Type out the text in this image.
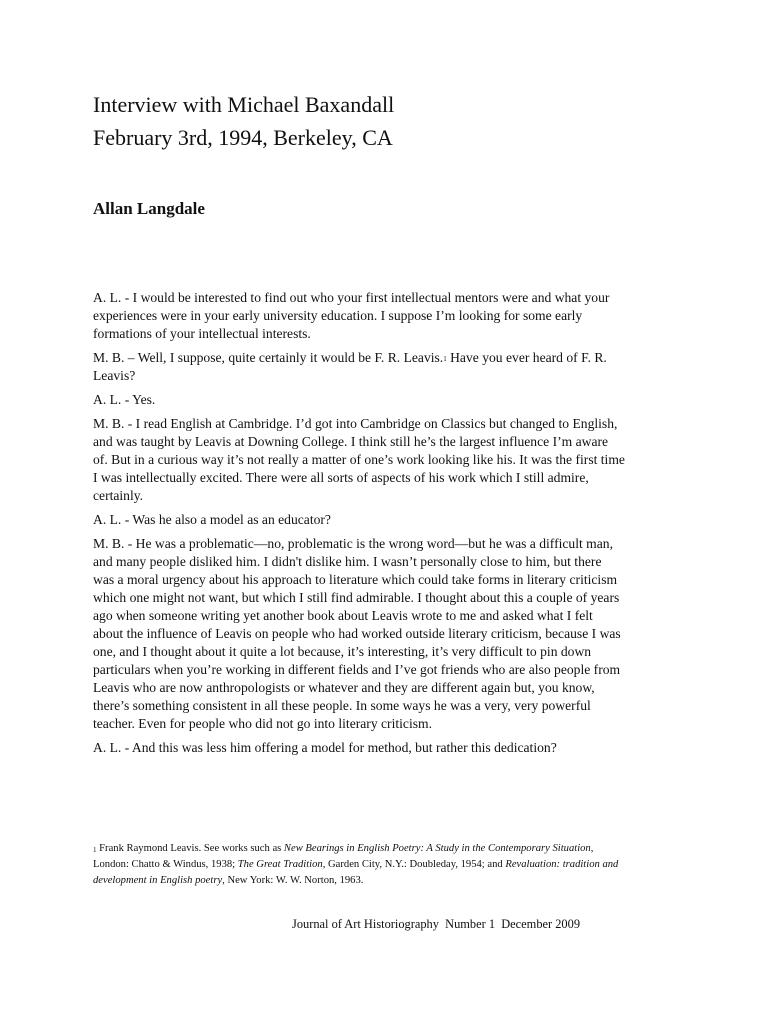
Interview with Michael Baxandall
February 3rd, 1994, Berkeley, CA

Allan Langdale

A. L. - I would be interested to find out who your first intellectual mentors were and what your experiences were in your early university education. I suppose I’m looking for some early formations of your intellectual interests.

M. B. – Well, I suppose, quite certainly it would be F. R. Leavis.$^1$ Have you ever heard of F. R. Leavis?

A. L. - Yes.

M. B. - I read English at Cambridge. I’d got into Cambridge on Classics but changed to English, and was taught by Leavis at Downing College. I think still he’s the largest influence I’m aware of. But in a curious way it’s not really a matter of one’s work looking like his. It was the first time I was intellectually excited. There were all sorts of aspects of his work which I still admire, certainly.

A. L. - Was he also a model as an educator?

M. B. - He was a problematic—no, problematic is the wrong word—but he was a difficult man, and many people disliked him. I didn't dislike him. I wasn’t personally close to him, but there was a moral urgency about his approach to literature which could take forms in literary criticism which one might not want, but which I still find admirable. I thought about this a couple of years ago when someone writing yet another book about Leavis wrote to me and asked what I felt about the influence of Leavis on people who had worked outside literary criticism, because I was one, and I thought about it quite a lot because, it’s interesting, it’s very difficult to pin down particulars when you’re working in different fields and I’ve got friends who are also people from Leavis who are now anthropologists or whatever and they are different again but, you know, there’s something consistent in all these people. In some ways he was a very, very powerful teacher. Even for people who did not go into literary criticism.

A. L. - And this was less him offering a model for method, but rather this dedication?

$^1$ Frank Raymond Leavis. See works such as New Bearings in English Poetry: A Study in the Contemporary Situation, London: Chatto & Windus, 1938; The Great Tradition, Garden City, N.Y.: Doubleday, 1954; and Revaluation: tradition and development in English poetry, New York: W. W. Norton, 1963.
Journal of Art Historiography  Number 1  December 2009
